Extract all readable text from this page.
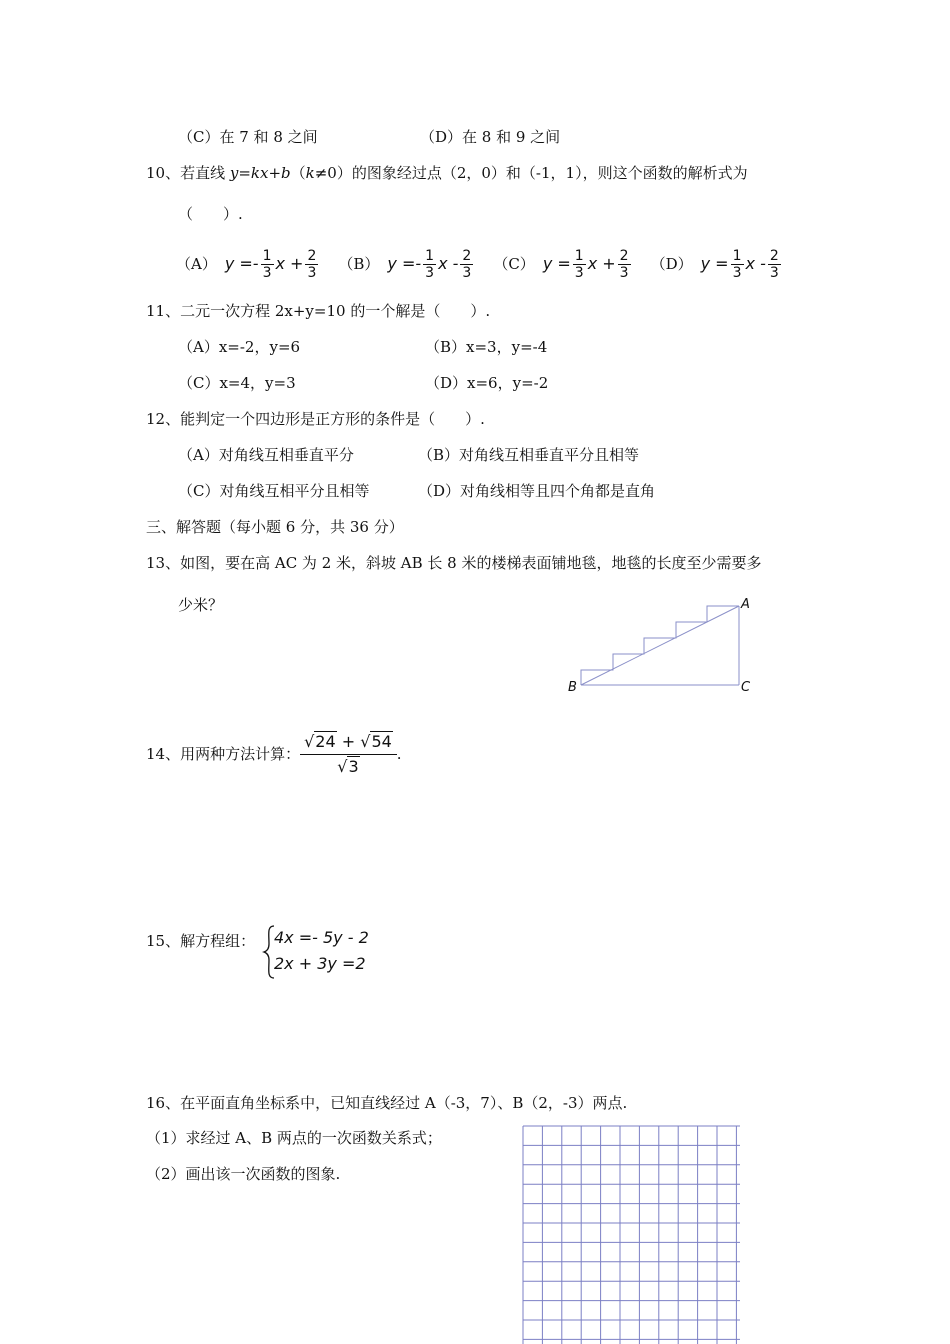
（C）在 7 和 8 之间	（D）在 8 和 9 之间
10、若直线 y=kx+b（k≠0）的图象经过点（2，0）和（-1，1），则这个函数的解析式为
（　　）.
（A） $y =- \frac{1}{3}$ $x + \frac{2}{3} (B) y =- \frac{1}{3}$ $x - \frac{2}{3} (C) y = \frac{1}{3}$ $x + \frac{2}{3} (D) y = \frac{1}{3}$ x - $\frac{2}{3}$
11、二元一次方程 2x+y=10 的一个解是（　　）.
（A）x=-2，y=6	（B）x=3，y=-4
（C）x=4，y=3	（D）x=6，y=-2
12、能判定一个四边形是正方形的条件是（　　）.
（A）对角线互相垂直平分	（B）对角线互相垂直平分且相等
（C）对角线互相平分且相等	（D）对角线相等且四个角都是直角
三、解答题（每小题 6 分，共 36 分）
13、如图，要在高 AC 为 2 米，斜坡 AB 长 8 米的楼梯表面铺地毯，地毯的长度至少需要多
少米？	A
B	C
14、用两种方法计算： $\frac{√24 + √54}{√3}$ .
15、解方程组： 4x =- 5y - 2
2x + 3y =2
16、在平面直角坐标系中，已知直线经过 A（-3，7）、B（2，-3）两点.
（1）求经过 A、B 两点的一次函数关系式；
（2）画出该一次函数的图象.
